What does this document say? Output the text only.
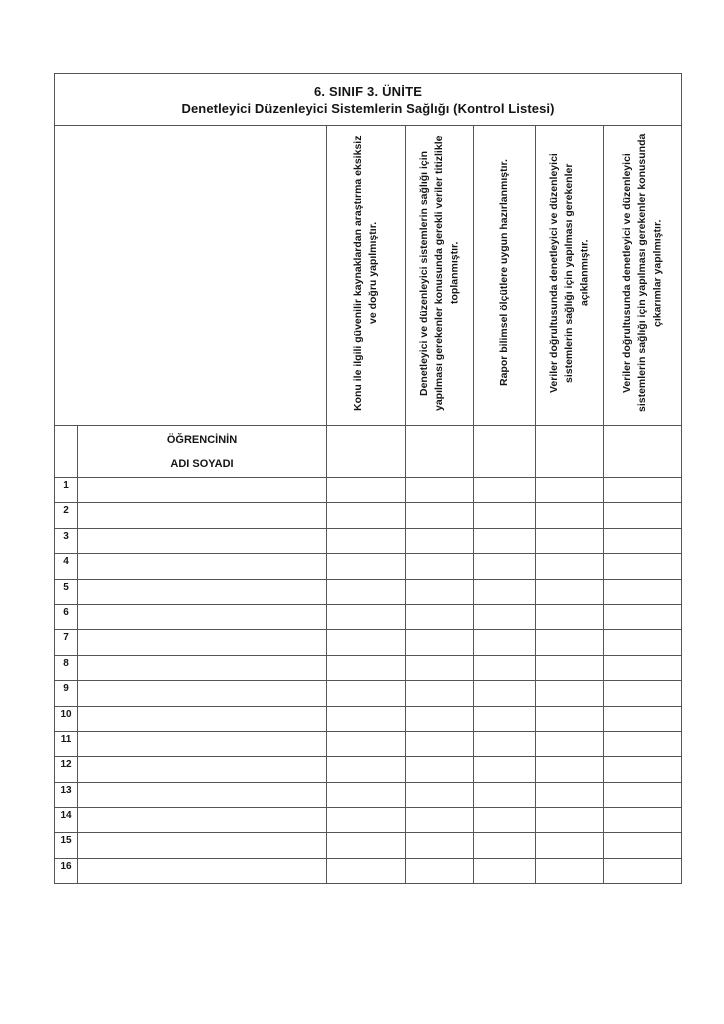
6. SINIF 3. ÜNİTE
Denetleyici Düzenleyici Sistemlerin Sağlığı (Kontrol Listesi)						

		Konu ile ilgili güvenilir kaynaklardan araştırma eksiksiz ve doğru yapılmıştır.	Denetleyici ve düzenleyici sistemlerin sağlığı için yapılması gerekenler konusunda gerekli veriler titizlikle toplanmıştır.	Rapor bilimsel ölçütlere uygun hazırlanmıştır.	Veriler doğrultusunda denetleyici ve düzenleyici sistemlerin sağlığı için yapılması gerekenler açıklanmıştır.	Veriler doğrultusunda denetleyici ve düzenleyici sistemlerin sağlığı için yapılması gerekenler konusunda çıkarımlar yapılmıştır.

	ÖĞRENCİNİN
ADI SOYADI					

1						
2						
3						
4						
5						
6						
7						
8						
9						
10						
11						
12						
13						
14						
15						
16						
